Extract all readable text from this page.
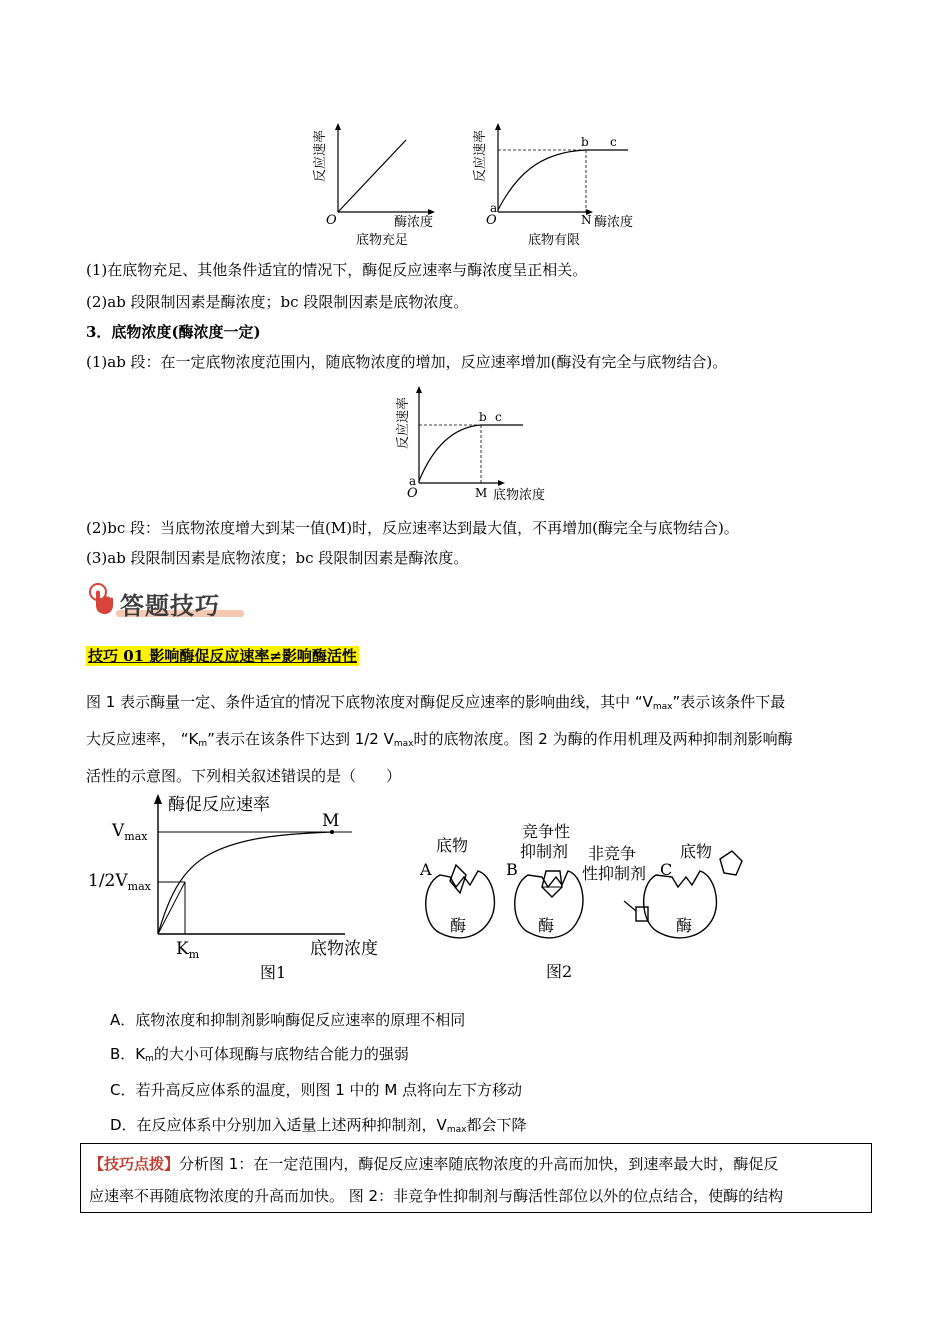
反应速率
O	酶浓度
底物充足
反应速率
O
a
b c
N 酶浓度
底物有限
(1)在底物充足、其他条件适宜的情况下，酶促反应速率与酶浓度呈正相关。
(2)ab 段限制因素是酶浓度；bc 段限制因素是底物浓度。
3．底物浓度(酶浓度一定)
(1)ab 段：在一定底物浓度范围内，随底物浓度的增加，反应速率增加(酶没有完全与底物结合)。
反应速率
O
a
b c
M 底物浓度
(2)bc 段：当底物浓度增大到某一值(M)时，反应速率达到最大值，不再增加(酶完全与底物结合)。
(3)ab 段限制因素是底物浓度；bc 段限制因素是酶浓度。
答题技巧
技巧 01 影响酶促反应速率≠影响酶活性
图 1 表示酶量一定、条件适宜的情况下底物浓度对酶促反应速率的影响曲线，其中 “$V_{max}$”表示该条件下最
大反应速率， “$K_m$”表示在该条件下达到 1/2 $V_{max}$时的底物浓度。图 2 为酶的作用机理及两种抑制剂影响酶
活性的示意图。下列相关叙述错误的是（　　）
酶促反应速率
$V_{max}$
$1/2V_{max}$
$K_m$	底物浓度
M
图1
A
底物
酶
B
竞争性
抑制剂
酶
C
非竞争
性抑制剂
底物
酶
图2
A．底物浓度和抑制剂影响酶促反应速率的原理不相同
B．$K_m$的大小可体现酶与底物结合能力的强弱
C．若升高反应体系的温度，则图 1 中的 M 点将向左下方移动
D．在反应体系中分别加入适量上述两种抑制剂，$V_{max}$都会下降
【技巧点拨】分析图 1：在一定范围内，酶促反应速率随底物浓度的升高而加快，到速率最大时，酶促反
应速率不再随底物浓度的升高而加快。 图 2：非竞争性抑制剂与酶活性部位以外的位点结合，使酶的结构
